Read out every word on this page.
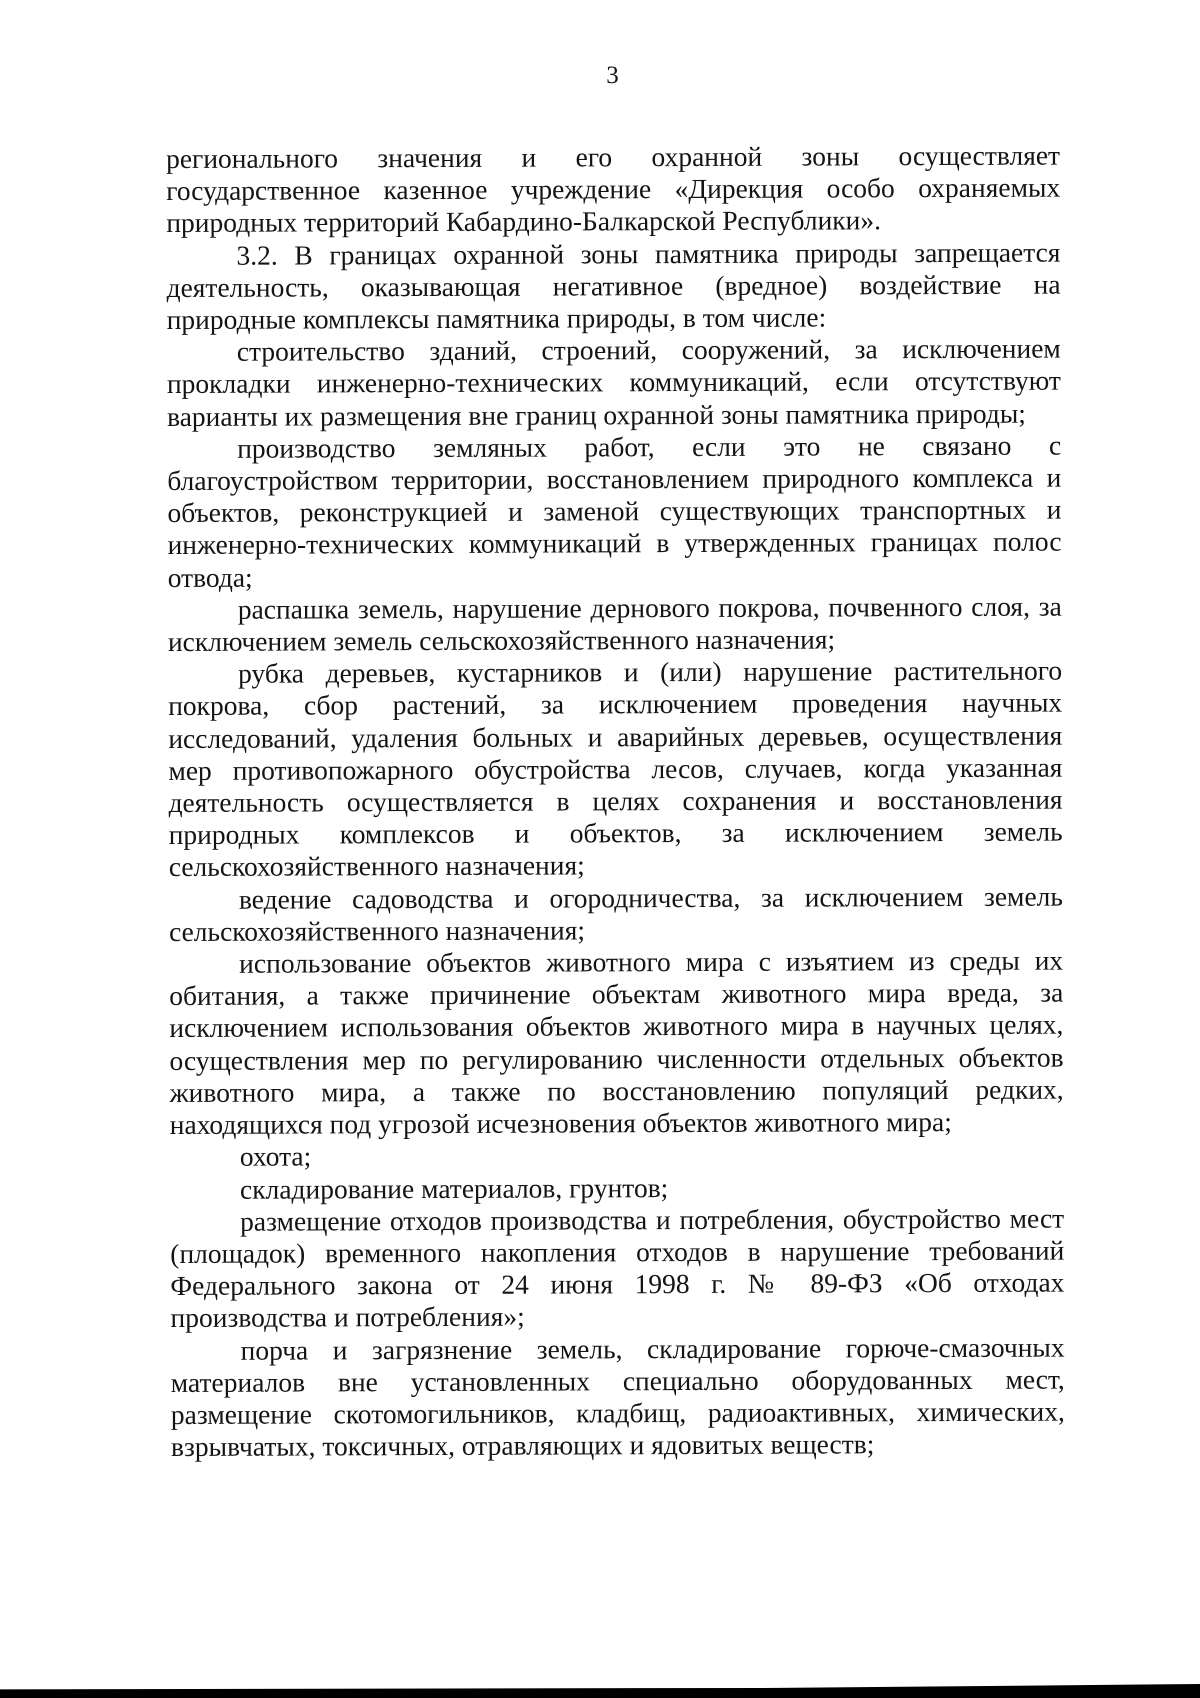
3

регионального значения и его охранной зоны осуществляет государственное казенное учреждение «Дирекция особо охраняемых природных территорий Кабардино-Балкарской Республики».

3.2. В границах охранной зоны памятника природы запрещается деятельность, оказывающая негативное (вредное) воздействие на природные комплексы памятника природы, в том числе:

строительство зданий, строений, сооружений, за исключением прокладки инженерно-технических коммуникаций, если отсутствуют варианты их размещения вне границ охранной зоны памятника природы;

производство земляных работ, если это не связано с благоустройством территории, восстановлением природного комплекса и объектов, реконструкцией и заменой существующих транспортных и инженерно-технических коммуникаций в утвержденных границах полос отвода;

распашка земель, нарушение дернового покрова, почвенного слоя, за исключением земель сельскохозяйственного назначения;

рубка деревьев, кустарников и (или) нарушение растительного покрова, сбор растений, за исключением проведения научных исследований, удаления больных и аварийных деревьев, осуществления мер противопожарного обустройства лесов, случаев, когда указанная деятельность осуществляется в целях сохранения и восстановления природных комплексов и объектов, за исключением земель сельскохозяйственного назначения;

ведение садоводства и огородничества, за исключением земель сельскохозяйственного назначения;

использование объектов животного мира с изъятием из среды их обитания, а также причинение объектам животного мира вреда, за исключением использования объектов животного мира в научных целях, осуществления мер по регулированию численности отдельных объектов животного мира, а также по восстановлению популяций редких, находящихся под угрозой исчезновения объектов животного мира;

охота;

складирование материалов, грунтов;

размещение отходов производства и потребления, обустройство мест (площадок) временного накопления отходов в нарушение требований Федерального закона от 24 июня 1998 г. № 89-ФЗ «Об отходах производства и потребления»;

порча и загрязнение земель, складирование горюче-смазочных материалов вне установленных специально оборудованных мест, размещение скотомогильников, кладбищ, радиоактивных, химических, взрывчатых, токсичных, отравляющих и ядовитых веществ;
